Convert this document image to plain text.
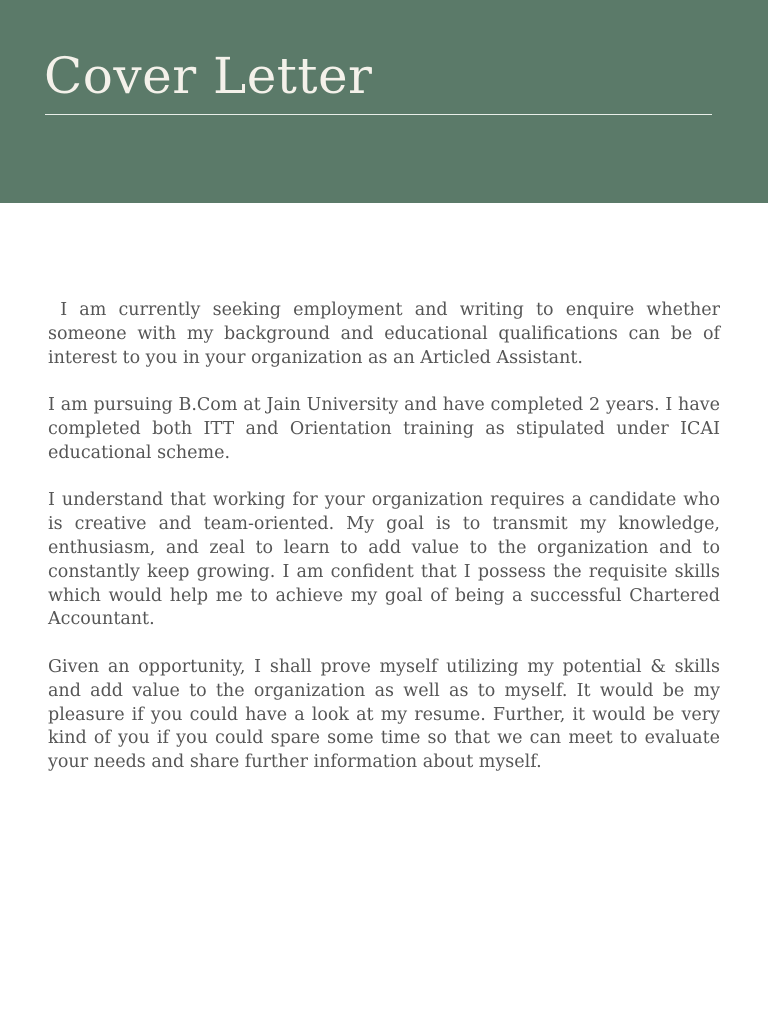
Cover Letter

I am currently seeking employment and writing to enquire whether someone with my background and educational qualifications can be of interest to you in your organization as an Articled Assistant.

I am pursuing B.Com at Jain University and have completed 2 years. I have completed both ITT and Orientation training as stipulated under ICAI educational scheme.

I understand that working for your organization requires a candidate who is creative and team-oriented. My goal is to transmit my knowledge, enthusiasm, and zeal to learn to add value to the organization and to constantly keep growing. I am confident that I possess the requisite skills which would help me to achieve my goal of being a successful Chartered Accountant.

Given an opportunity, I shall prove myself utilizing my potential & skills and add value to the organization as well as to myself. It would be my pleasure if you could have a look at my resume. Further, it would be very kind of you if you could spare some time so that we can meet to evaluate your needs and share further information about myself.
